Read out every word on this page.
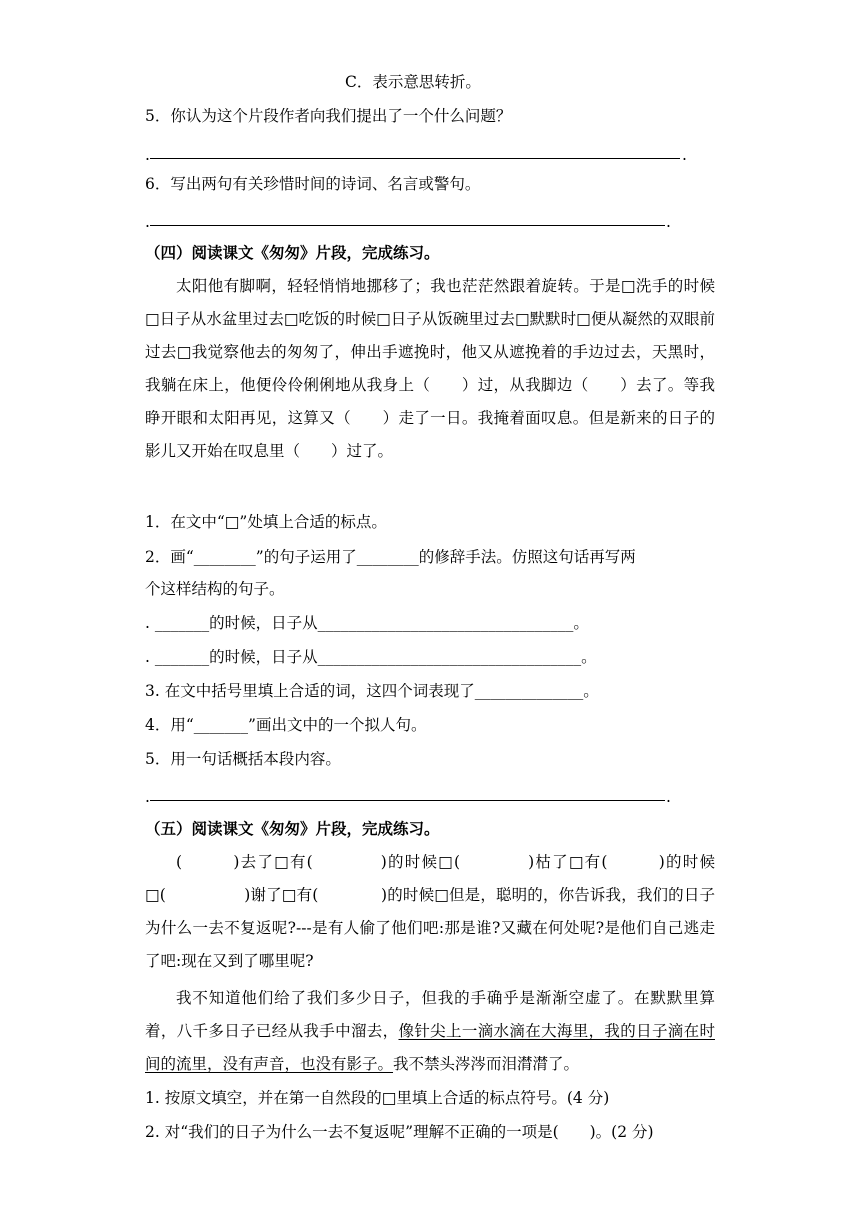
C．表示意思转折。
5．你认为这个片段作者向我们提出了一个什么问题？
.	.
6．写出两句有关珍惜时间的诗词、名言或警句。
.	.
（四）阅读课文《匆匆》片段，完成练习。

太阳他有脚啊，轻轻悄悄地挪移了；我也茫茫然跟着旋转。于是□洗手的时候□日子从水盆里过去□吃饭的时候□日子从饭碗里过去□默默时□便从凝然的双眼前过去□我觉察他去的匆匆了，伸出手遮挽时，他又从遮挽着的手边过去，天黑时，我躺在床上，他便伶伶俐俐地从我身上（　　）过，从我脚边（　　）去了。等我睁开眼和太阳再见，这算又（　　）走了一日。我掩着面叹息。但是新来的日子的影儿又开始在叹息里（　　）过了。

1．在文中“□”处填上合适的标点。
2．画“________”的句子运用了________的修辞手法。仿照这句话再写两
个这样结构的句子。
. _______的时候，日子从_________________________________。
. _______的时候，日子从__________________________________。
3. 在文中括号里填上合适的词，这四个词表现了______________。
4．用“_______”画出文中的一个拟人句。
5．用一句话概括本段内容。
.	.
（五）阅读课文《匆匆》片段，完成练习。

(　　　)去了□有(　　　　)的时候□(　　　　)枯了□有(　　　)的时候□(　　　　　)谢了□有(　　　　)的时候□但是，聪明的，你告诉我，我们的日子为什么一去不复返呢?---是有人偷了他们吧:那是谁?又藏在何处呢?是他们自己逃走了吧:现在又到了哪里呢?

我不知道他们给了我们多少日子，但我的手确乎是渐渐空虚了。在默默里算着，八千多日子已经从我手中溜去，像针尖上一滴水滴在大海里，我的日子滴在时间的流里，没有声音，也没有影子。我不禁头涔涔而泪潸潸了。

1. 按原文填空，并在第一自然段的□里填上合适的标点符号。(4 分)
2. 对“我们的日子为什么一去不复返呢”理解不正确的一项是(　　)。(2 分)
